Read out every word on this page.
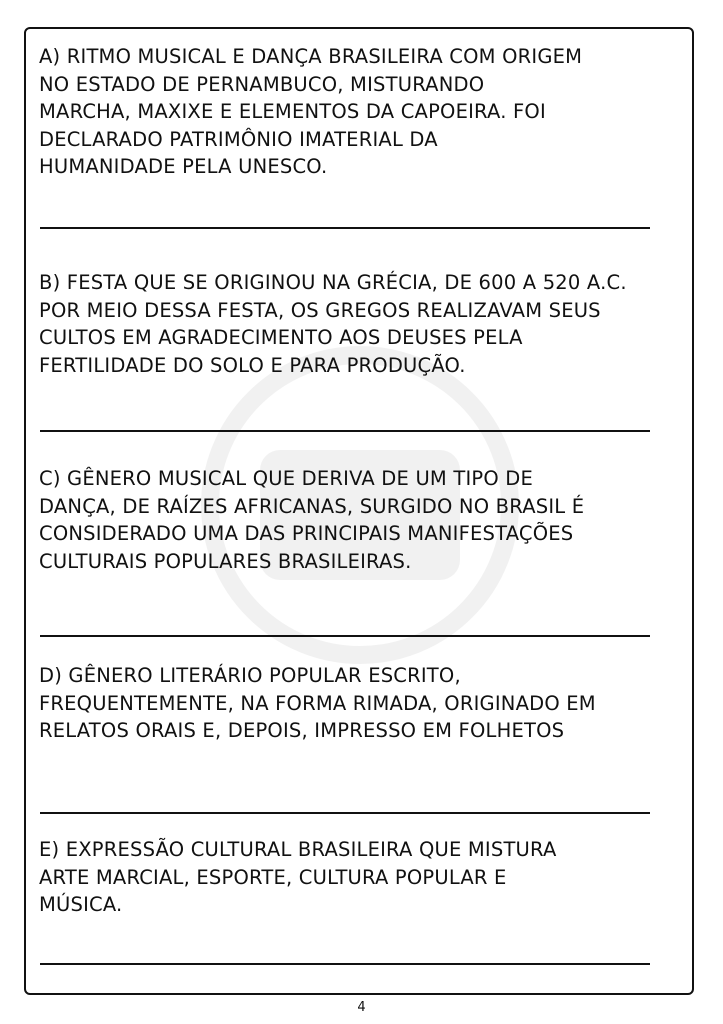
A) RITMO MUSICAL E DANÇA BRASILEIRA COM ORIGEM
NO ESTADO DE PERNAMBUCO, MISTURANDO
MARCHA, MAXIXE E ELEMENTOS DA CAPOEIRA. FOI
DECLARADO PATRIMÔNIO IMATERIAL DA
HUMANIDADE PELA UNESCO.
B) FESTA QUE SE ORIGINOU NA GRÉCIA, DE 600 A 520 A.C.
POR MEIO DESSA FESTA, OS GREGOS REALIZAVAM SEUS
CULTOS EM AGRADECIMENTO AOS DEUSES PELA
FERTILIDADE DO SOLO E PARA PRODUÇÃO.
C) GÊNERO MUSICAL QUE DERIVA DE UM TIPO DE
DANÇA, DE RAÍZES AFRICANAS, SURGIDO NO BRASIL É
CONSIDERADO UMA DAS PRINCIPAIS MANIFESTAÇÕES
CULTURAIS POPULARES BRASILEIRAS.
D) GÊNERO LITERÁRIO POPULAR ESCRITO,
FREQUENTEMENTE, NA FORMA RIMADA, ORIGINADO EM
RELATOS ORAIS E, DEPOIS, IMPRESSO EM FOLHETOS
E) EXPRESSÃO CULTURAL BRASILEIRA QUE MISTURA
ARTE MARCIAL, ESPORTE, CULTURA POPULAR E
MÚSICA.
4
